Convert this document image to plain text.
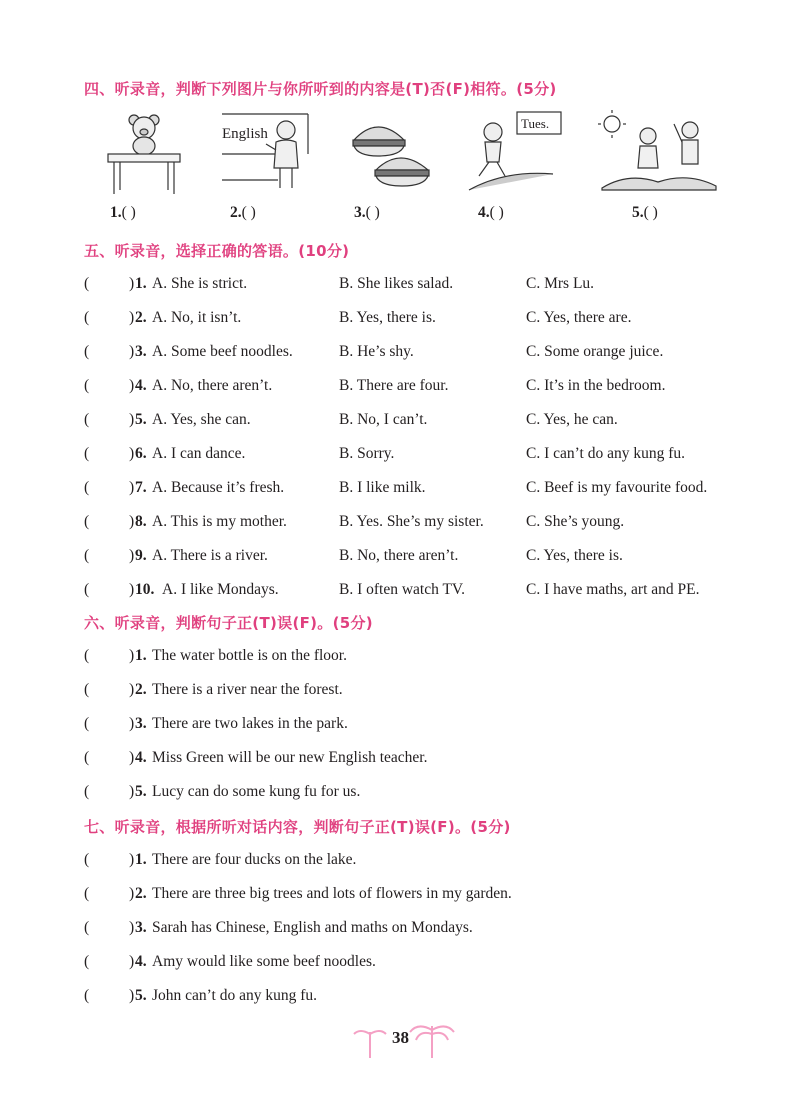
四、听录音，判断下列图片与你所听到的内容是(T)否(F)相符。(5分)
English
Tues.
1.( )	2.( )	3.( )	4.( )	5.( )
五、听录音，选择正确的答语。(10分)
(	) 1. A. She is strict.	B. She likes salad.	C. Mrs Lu.
(	) 2. A. No, it isn’t.	B. Yes, there is.	C. Yes, there are.
(	) 3. A. Some beef noodles.	B. He’s shy.	C. Some orange juice.
(	) 4. A. No, there aren’t.	B. There are four.	C. It’s in the bedroom.
(	) 5. A. Yes, she can.	B. No, I can’t.	C. Yes, he can.
(	) 6. A. I can dance.	B. Sorry.	C. I can’t do any kung fu.
(	) 7. A. Because it’s fresh.	B. I like milk.	C. Beef is my favourite food.
(	) 8. A. This is my mother.	B. Yes. She’s my sister.	C. She’s young.
(	) 9. A. There is a river.	B. No, there aren’t.	C. Yes, there is.
(	) 10. A. I like Mondays.	B. I often watch TV.	C. I have maths, art and PE.
六、听录音，判断句子正(T)误(F)。(5分)
(	) 1. The water bottle is on the floor.
(	) 2. There is a river near the forest.
(	) 3. There are two lakes in the park.
(	) 4. Miss Green will be our new English teacher.
(	) 5. Lucy can do some kung fu for us.
七、听录音，根据所听对话内容，判断句子正(T)误(F)。(5分)
(	) 1. There are four ducks on the lake.
(	) 2. There are three big trees and lots of flowers in my garden.
(	) 3. Sarah has Chinese, English and maths on Mondays.
(	) 4. Amy would like some beef noodles.
(	) 5. John can’t do any kung fu.
38
